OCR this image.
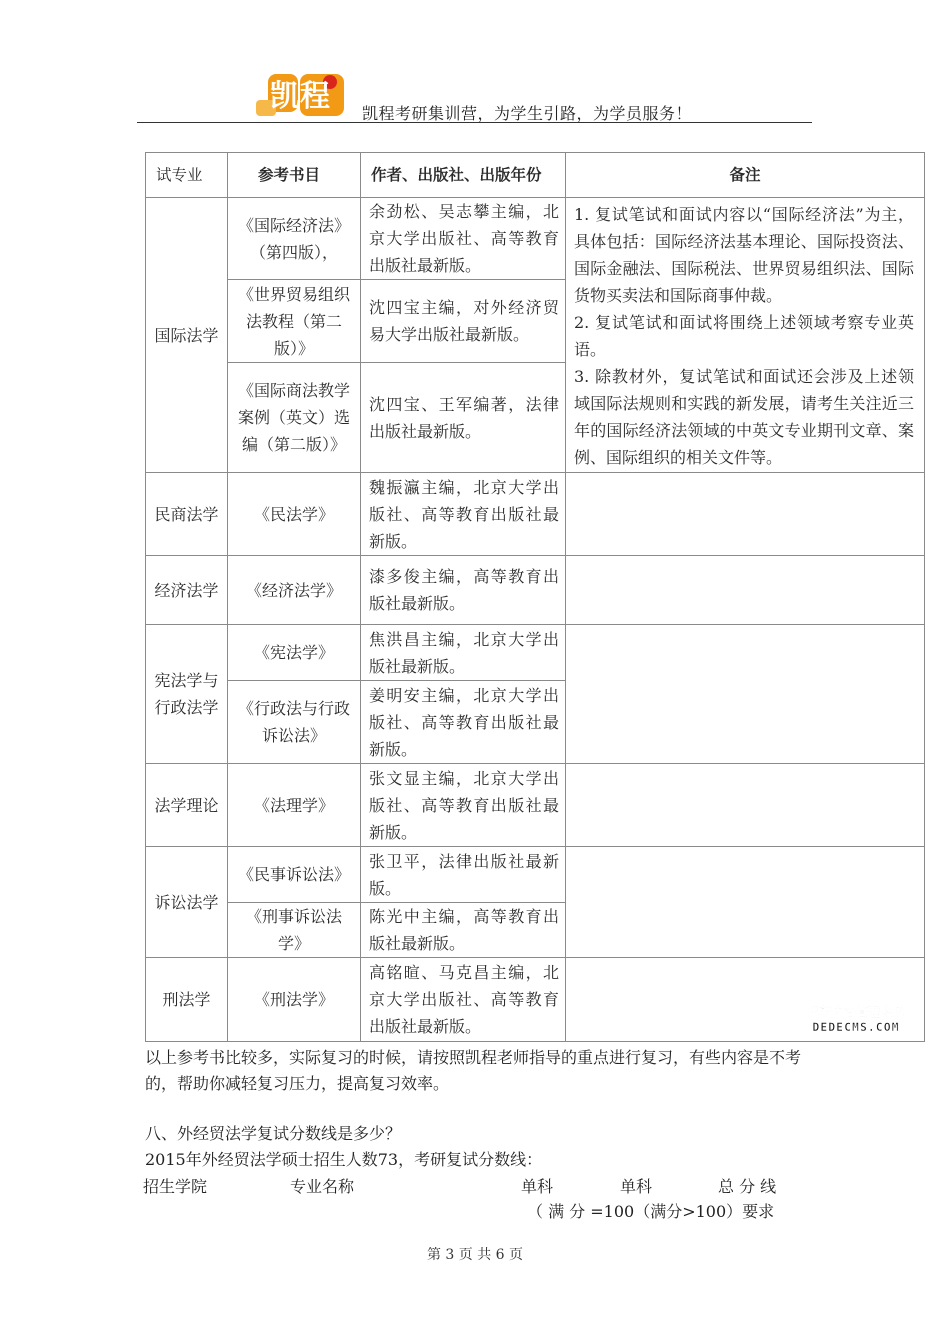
凯程 凯程考研集训营，为学生引路，为学员服务！
试专业	参考书目	作者、出版社、出版年份	备注
国际法学	《国际经济法》（第四版），	余劲松、吴志攀主编，北京大学出版社、高等教育出版社最新版。	1. 复试笔试和面试内容以“国际经济法”为主，具体包括：国际经济法基本理论、国际投资法、国际金融法、国际税法、世界贸易组织法、国际货物买卖法和国际商事仲裁。

2. 复试笔试和面试将围绕上述领域考察专业英语。

3. 除教材外，复试笔试和面试还会涉及上述领域国际法规则和实践的新发展，请考生关注近三年的国际经济法领域的中英文专业期刊文章、案例、国际组织的相关文件等。

	《世界贸易组织法教程（第二版）》	沈四宝主编，对外经济贸易大学出版社最新版。	
	《国际商法教学案例（英文）选编（第二版）》	沈四宝、王军编著，法律出版社最新版。	
民商法学	《民法学》	魏振瀛主编，北京大学出版社、高等教育出版社最新版。	
经济法学	《经济法学》	漆多俊主编，高等教育出版社最新版。	
宪法学与行政法学	《宪法学》	焦洪昌主编，北京大学出版社最新版。	
	《行政法与行政诉讼法》	姜明安主编，北京大学出版社、高等教育出版社最新版。	
法学理论	《法理学》	张文显主编，北京大学出版社、高等教育出版社最新版。	
诉讼法学	《民事诉讼法》	张卫平，法律出版社最新版。	
	《刑事诉讼法学》	陈光中主编，高等教育出版社最新版。	
刑法学	《刑法学》	高铭暄、马克昌主编，北京大学出版社、高等教育出版社最新版。	
织梦内容管理系统
DEDECMS.COM

以上参考书比较多，实际复习的时候，请按照凯程老师指导的重点进行复习，有些内容是不考的，帮助你减轻复习压力，提高复习效率。

八、外经贸法学复试分数线是多少？

2015年外经贸法学硕士招生人数73，考研复试分数线：

招生学院	专业名称	单科	单科	总 分 线
（ 满 分 =100（满分>100）要求
第 3 页 共 6 页
